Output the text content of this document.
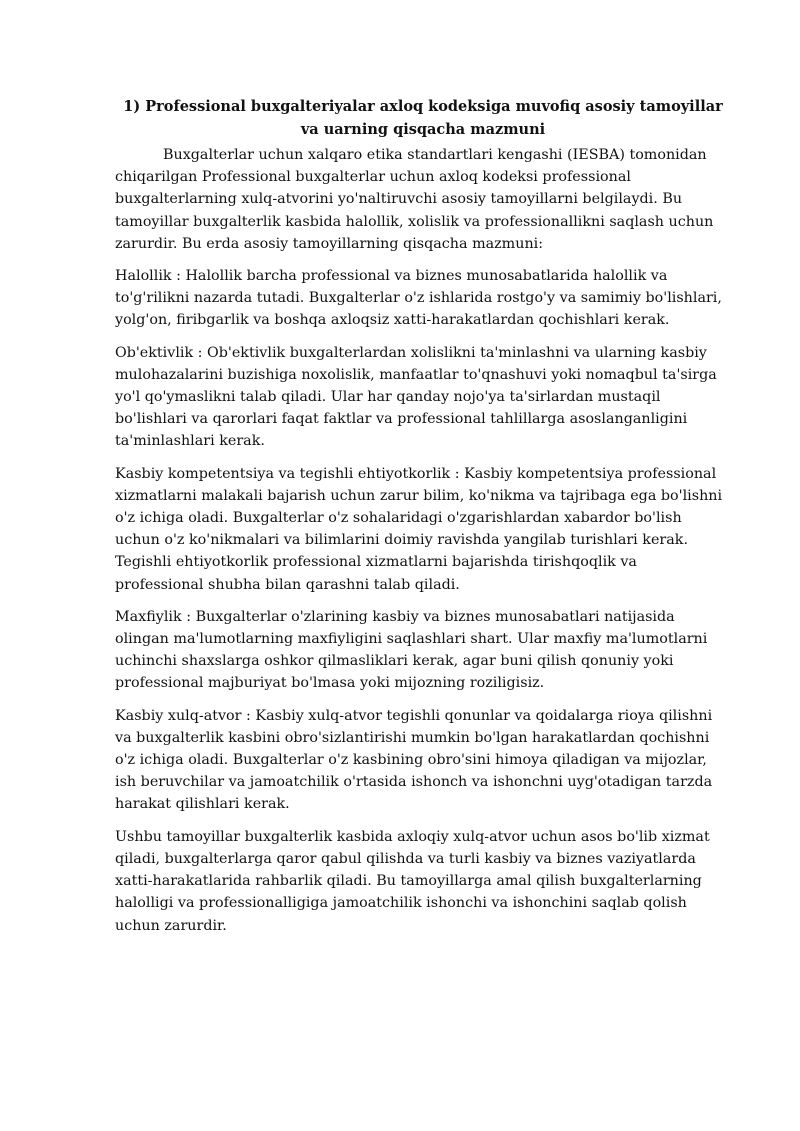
1) Professional buxgalteriyalar axloq kodeksiga muvofiq asosiy tamoyillar va uarning qisqacha mazmuni

Buxgalterlar uchun xalqaro etika standartlari kengashi (IESBA) tomonidan chiqarilgan Professional buxgalterlar uchun axloq kodeksi professional buxgalterlarning xulq-atvorini yo'naltiruvchi asosiy tamoyillarni belgilaydi. Bu tamoyillar buxgalterlik kasbida halollik, xolislik va professionallikni saqlash uchun zarurdir. Bu erda asosiy tamoyillarning qisqacha mazmuni:

Halollik : Halollik barcha professional va biznes munosabatlarida halollik va to'g'rilikni nazarda tutadi. Buxgalterlar o'z ishlarida rostgo'y va samimiy bo'lishlari, yolg'on, firibgarlik va boshqa axloqsiz xatti-harakatlardan qochishlari kerak.

Ob'ektivlik : Ob'ektivlik buxgalterlardan xolislikni ta'minlashni va ularning kasbiy mulohazalarini buzishiga noxolislik, manfaatlar to'qnashuvi yoki nomaqbul ta'sirga yo'l qo'ymaslikni talab qiladi. Ular har qanday nojo'ya ta'sirlardan mustaqil bo'lishlari va qarorlari faqat faktlar va professional tahlillarga asoslanganligini ta'minlashlari kerak.

Kasbiy kompetentsiya va tegishli ehtiyotkorlik : Kasbiy kompetentsiya professional xizmatlarni malakali bajarish uchun zarur bilim, ko'nikma va tajribaga ega bo'lishni o'z ichiga oladi. Buxgalterlar o'z sohalaridagi o'zgarishlardan xabardor bo'lish uchun o'z ko'nikmalari va bilimlarini doimiy ravishda yangilab turishlari kerak. Tegishli ehtiyotkorlik professional xizmatlarni bajarishda tirishqoqlik va professional shubha bilan qarashni talab qiladi.

Maxfiylik : Buxgalterlar o'zlarining kasbiy va biznes munosabatlari natijasida olingan ma'lumotlarning maxfiyligini saqlashlari shart. Ular maxfiy ma'lumotlarni uchinchi shaxslarga oshkor qilmasliklari kerak, agar buni qilish qonuniy yoki professional majburiyat bo'lmasa yoki mijozning roziligisiz.

Kasbiy xulq-atvor : Kasbiy xulq-atvor tegishli qonunlar va qoidalarga rioya qilishni va buxgalterlik kasbini obro'sizlantirishi mumkin bo'lgan harakatlardan qochishni o'z ichiga oladi. Buxgalterlar o'z kasbining obro'sini himoya qiladigan va mijozlar, ish beruvchilar va jamoatchilik o'rtasida ishonch va ishonchni uyg'otadigan tarzda harakat qilishlari kerak.

Ushbu tamoyillar buxgalterlik kasbida axloqiy xulq-atvor uchun asos bo'lib xizmat qiladi, buxgalterlarga qaror qabul qilishda va turli kasbiy va biznes vaziyatlarda xatti-harakatlarida rahbarlik qiladi. Bu tamoyillarga amal qilish buxgalterlarning halolligi va professionalligiga jamoatchilik ishonchi va ishonchini saqlab qolish uchun zarurdir.
